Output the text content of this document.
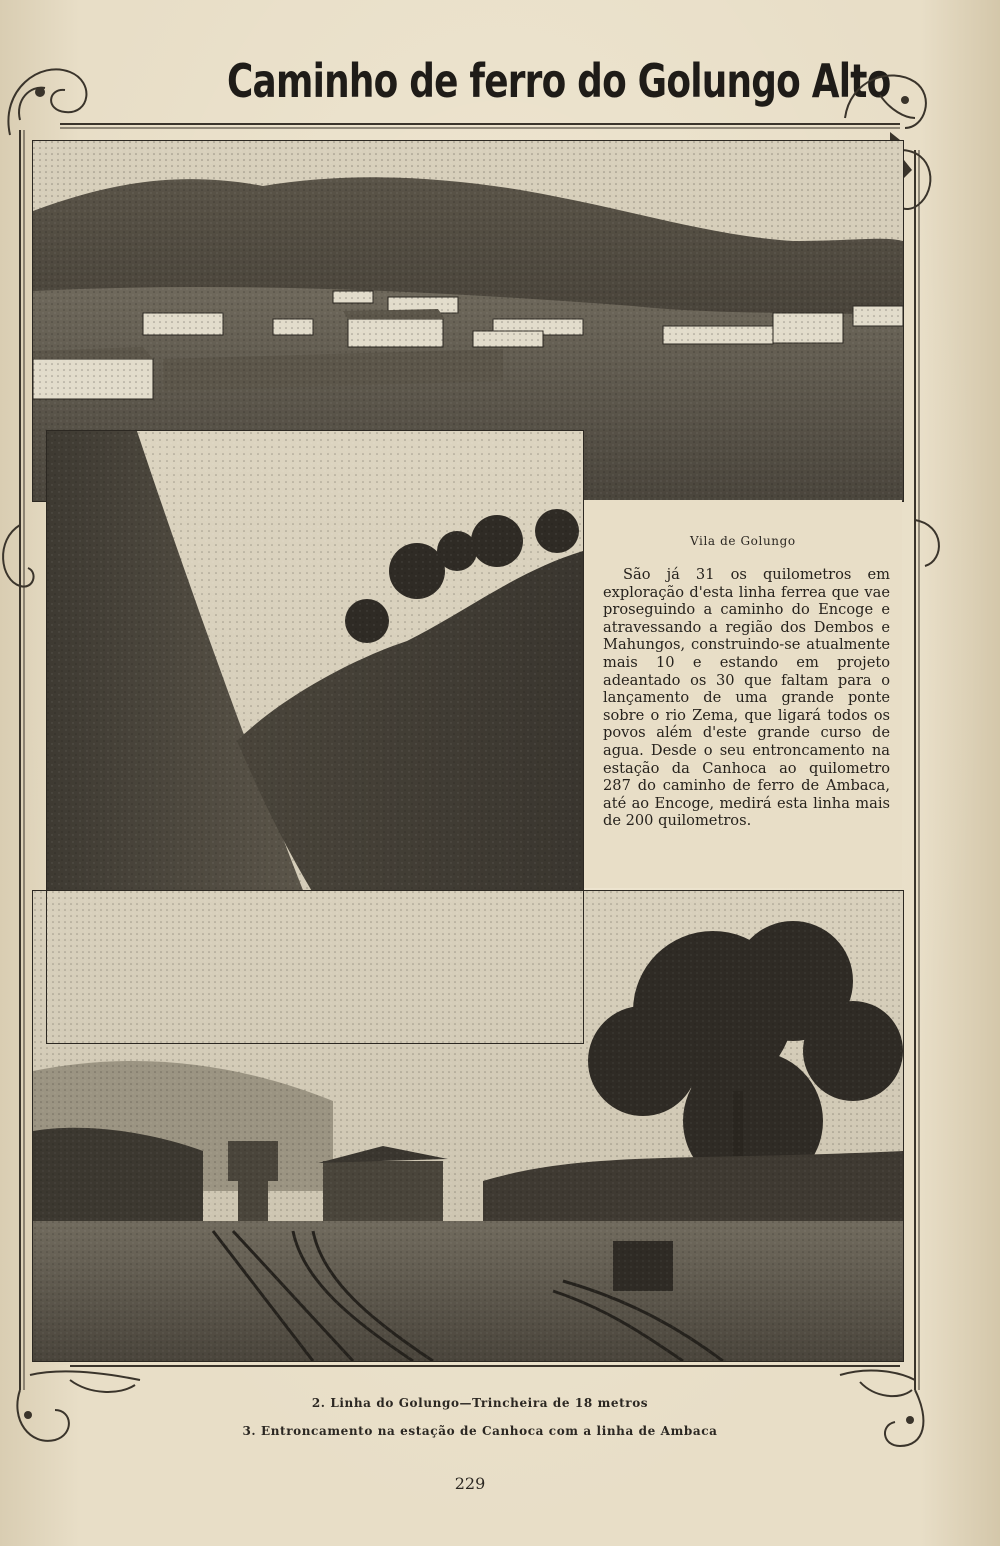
Caminho de ferro do Golungo Alto
Vila de Golungo
São já 31 os quilometros em exploração d'esta linha ferrea que vae proseguindo a caminho do Encoge e atravessando a região dos Dembos e Mahungos, construindo-se atualmente mais 10 e estando em projeto adeantado os 30 que faltam para o lançamento de uma grande ponte sobre o rio Zema, que ligará todos os povos além d'este grande curso de agua. Desde o seu entroncamento na estação da Canhoca ao quilometro 287 do caminho de ferro de Ambaca, até ao Encoge, medirá esta linha mais de 200 quilometros.
2. Linha do Golungo—Trincheira de 18 metros
3. Entroncamento na estação de Canhoca com a linha de Ambaca
229
